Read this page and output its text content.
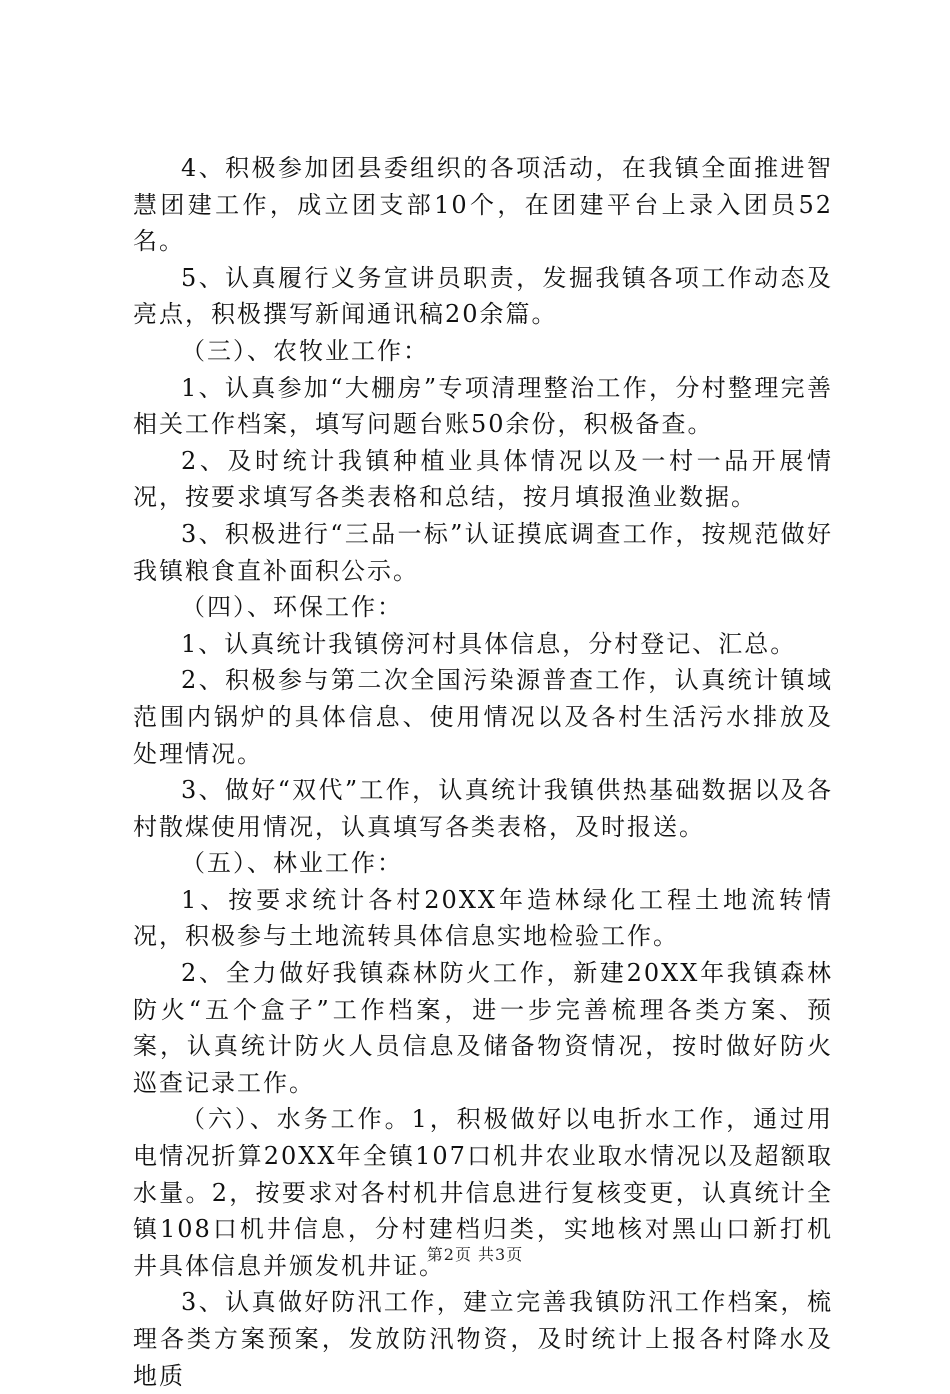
4、积极参加团县委组织的各项活动，在我镇全面推进智慧团建工作，成立团支部10个，在团建平台上录入团员52名。

5、认真履行义务宣讲员职责，发掘我镇各项工作动态及亮点，积极撰写新闻通讯稿20余篇。

（三）、农牧业工作：

1、认真参加“大棚房”专项清理整治工作，分村整理完善相关工作档案，填写问题台账50余份，积极备查。

2、及时统计我镇种植业具体情况以及一村一品开展情况，按要求填写各类表格和总结，按月填报渔业数据。

3、积极进行“三品一标”认证摸底调查工作，按规范做好我镇粮食直补面积公示。

（四）、环保工作：

1、认真统计我镇傍河村具体信息，分村登记、汇总。

2、积极参与第二次全国污染源普查工作，认真统计镇域范围内锅炉的具体信息、使用情况以及各村生活污水排放及处理情况。

3、做好“双代”工作，认真统计我镇供热基础数据以及各村散煤使用情况，认真填写各类表格，及时报送。

（五）、林业工作：

1、按要求统计各村20XX年造林绿化工程土地流转情况，积极参与土地流转具体信息实地检验工作。

2、全力做好我镇森林防火工作，新建20XX年我镇森林防火“五个盒子”工作档案，进一步完善梳理各类方案、预案，认真统计防火人员信息及储备物资情况，按时做好防火巡查记录工作。

（六）、水务工作。1，积极做好以电折水工作，通过用电情况折算20XX年全镇107口机井农业取水情况以及超额取水量。2，按要求对各村机井信息进行复核变更，认真统计全镇108口机井信息，分村建档归类，实地核对黑山口新打机井具体信息并颁发机井证。

3、认真做好防汛工作，建立完善我镇防汛工作档案，梳理各类方案预案，发放防汛物资，及时统计上报各村降水及地质

第2页 共3页
